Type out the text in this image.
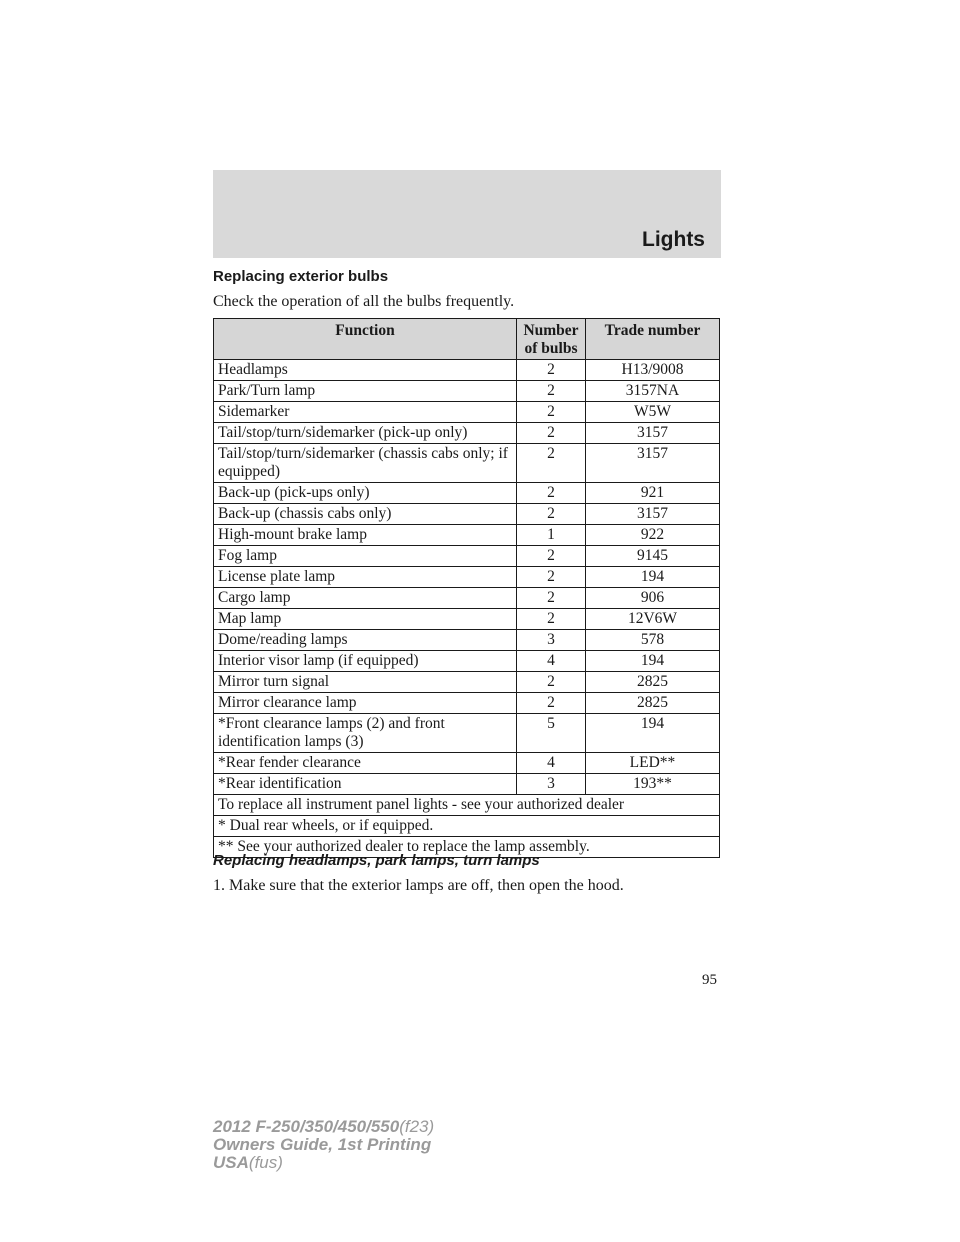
Lights
Replacing exterior bulbs
Check the operation of all the bulbs frequently.
Function	Number of bulbs	Trade number
Headlamps	2	H13/9008
Park/Turn lamp	2	3157NA
Sidemarker	2	W5W
Tail/stop/turn/sidemarker (pick-up only)	2	3157
Tail/stop/turn/sidemarker (chassis cabs only; if equipped)	2	3157
Back-up (pick-ups only)	2	921
Back-up (chassis cabs only)	2	3157
High-mount brake lamp	1	922
Fog lamp	2	9145
License plate lamp	2	194
Cargo lamp	2	906
Map lamp	2	12V6W
Dome/reading lamps	3	578
Interior visor lamp (if equipped)	4	194
Mirror turn signal	2	2825
Mirror clearance lamp	2	2825
*Front clearance lamps (2) and front identification lamps (3)	5	194
*Rear fender clearance	4	LED**
*Rear identification	3	193**
To replace all instrument panel lights - see your authorized dealer		
* Dual rear wheels, or if equipped.		
** See your authorized dealer to replace the lamp assembly.		
Replacing headlamps, park lamps, turn lamps
1. Make sure that the exterior lamps are off, then open the hood.
95
2012 F-250/350/450/550(f23)
Owners Guide, 1st Printing
USA(fus)
